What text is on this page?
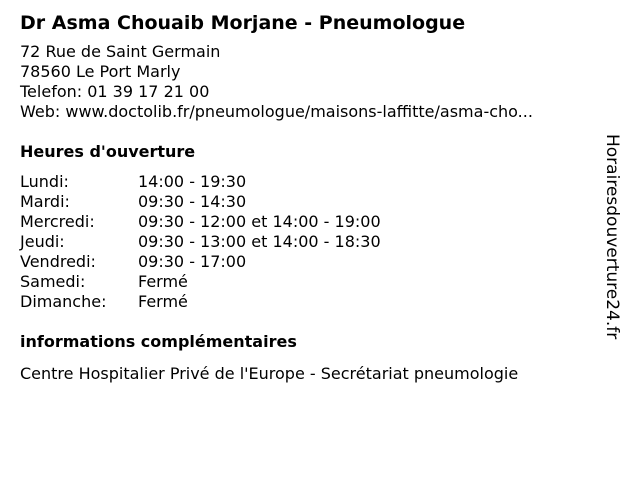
Dr Asma Chouaib Morjane - Pneumologue
72 Rue de Saint Germain
78560 Le Port Marly
Telefon: 01 39 17 21 00
Web: www.doctolib.fr/pneumologue/maisons-laffitte/asma-cho...
Heures d'ouverture
Lundi:	14:00 - 19:30
Mardi:	09:30 - 14:30
Mercredi:	09:30 - 12:00 et 14:00 - 19:00
Jeudi:	09:30 - 13:00 et 14:00 - 18:30
Vendredi:	09:30 - 17:00
Samedi:	Fermé
Dimanche:	Fermé
informations complémentaires
Centre Hospitalier Privé de l'Europe - Secrétariat pneumologie
Horairesdouverture24.fr
